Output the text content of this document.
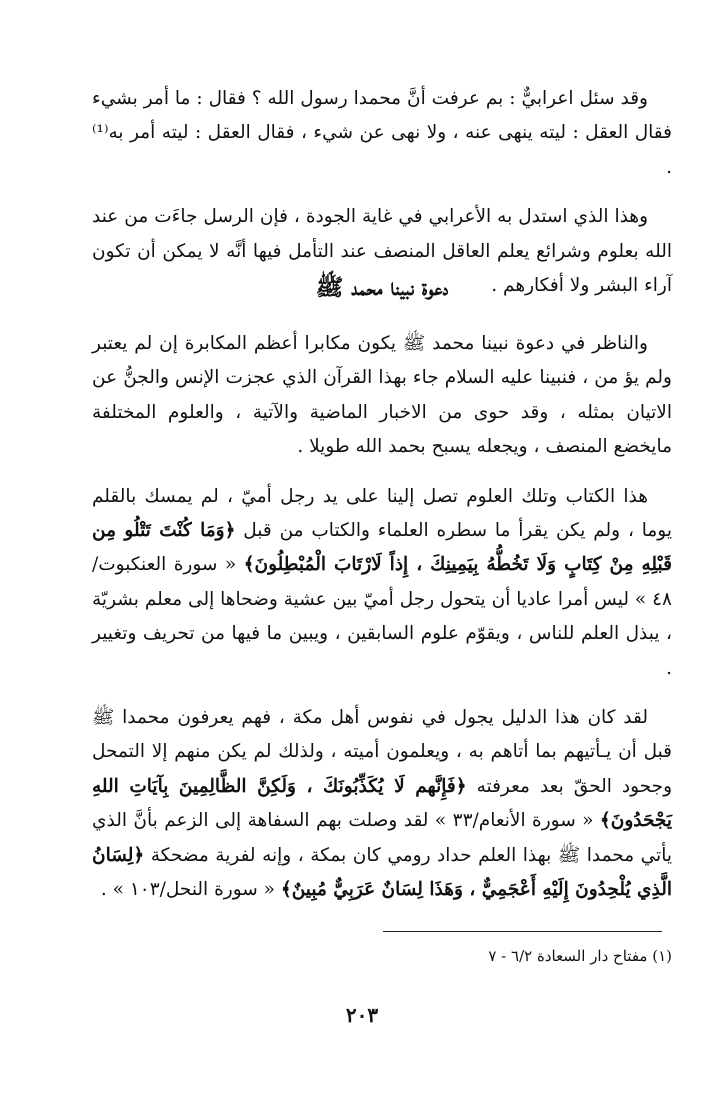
وقد سئل اعرابيٌّ : بم عرفت أنَّ محمدا رسول الله ؟ فقال : ما أمر بشيء فقال العقل : ليته ينهى عنه ، ولا نهى عن شيء ، فقال العقل : ليته أمر به⁽¹⁾ .

وهذا الذي استدل به الأعرابي في غاية الجودة ، فإن الرسل جاءَت من عند الله بعلوم وشرائع يعلم العاقل المنصف عند التأمل فيها أنَّه لا يمكن أن تكون آراء البشر ولا أفكارهم .

دعوة نبينا محمد ﷺ

والناظر في دعوة نبينا محمد ﷺ يكون مكابرا أعظم المكابرة إن لم يعتبر ولم يؤ من ، فنبينا عليه السلام جاء بهذا القرآن الذي عجزت الإنس والجنُّ عن الاتيان بمثله ، وقد حوى من الاخبار الماضية والآتية ، والعلوم المختلفة مايخضع المنصف ، ويجعله يسبح بحمد الله طويلا .

هذا الكتاب وتلك العلوم تصل إلينا على يد رجل أميّ ، لم يمسك بالقلم يوما ، ولم يكن يقرأ ما سطره العلماء والكتاب من قبل ﴿وَمَا كُنْتَ تَتْلُو مِن قَبْلِهِ مِنْ كِتَابٍ وَلَا تَخُطُّهُ بِيَمِينِكَ ، إِذاً لَارْتَابَ الْمُبْطِلُونَ﴾ « سورة العنكبوت/٤٨ » ليس أمرا عاديا أن يتحول رجل أميّ بين عشية وضحاها إلى معلم بشريّة ، يبذل العلم للناس ، ويقوّم علوم السابقين ، ويبين ما فيها من تحريف وتغيير .

لقد كان هذا الدليل يجول في نفوس أهل مكة ، فهم يعرفون محمدا ﷺ قبل أن يـأتيهم بما أتاهم به ، ويعلمون أميته ، ولذلك لم يكن منهم إلا التمحل وجحود الحقّ بعد معرفته ﴿فَإِنَّهم لَا يُكَذِّبُونَكَ ، وَلَكِنَّ الظَّالِمِينَ بِآيَاتِ اللهِ يَجْحَدُونَ﴾ « سورة الأنعام/٣٣ » لقد وصلت بهم السفاهة إلى الزعم بأنَّ الذي يأتي محمدا ﷺ بهذا العلم حداد رومي كان بمكة ، وإنه لفرية مضحكة ﴿لِسَانُ الَّذِي يُلْحِدُونَ إِلَيْهِ أَعْجَمِيٌّ ، وَهَذَا لِسَانٌ عَرَبِيٌّ مُبِينٌ﴾ « سورة النحل/١٠٣ » .

(١) مفتاح دار السعادة ٦/٢ - ٧

٢٠٣
